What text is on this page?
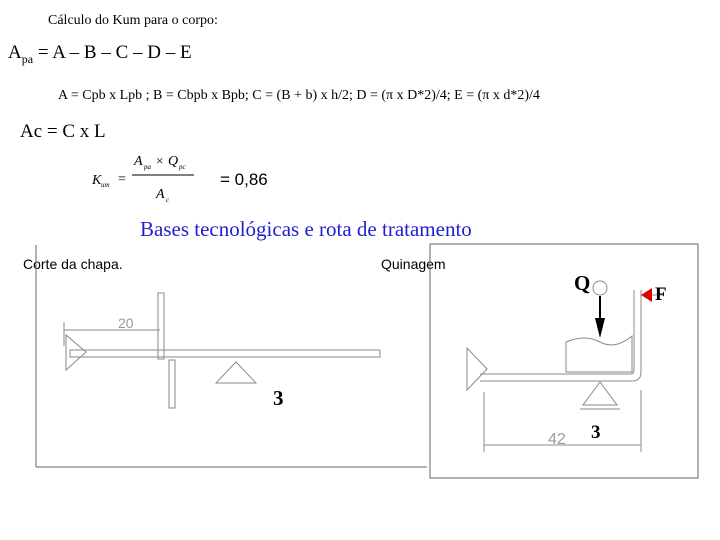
Cálculo do Kum para o corpo:
$A_{pa} = A - B - C - D - E$
A = Cpb x Lpb ; B = Cbpb x Bpb; C = (B + b) x h/2; D = (π x D*2)/4; E = (π x d*2)/4
Ac = C x L
K um =
A pa × Q pc
A c
= 0,86
Bases tecnológicas e rota de tratamento
Corte da chapa.	Quinagem
20
3
Q	F
42 3
